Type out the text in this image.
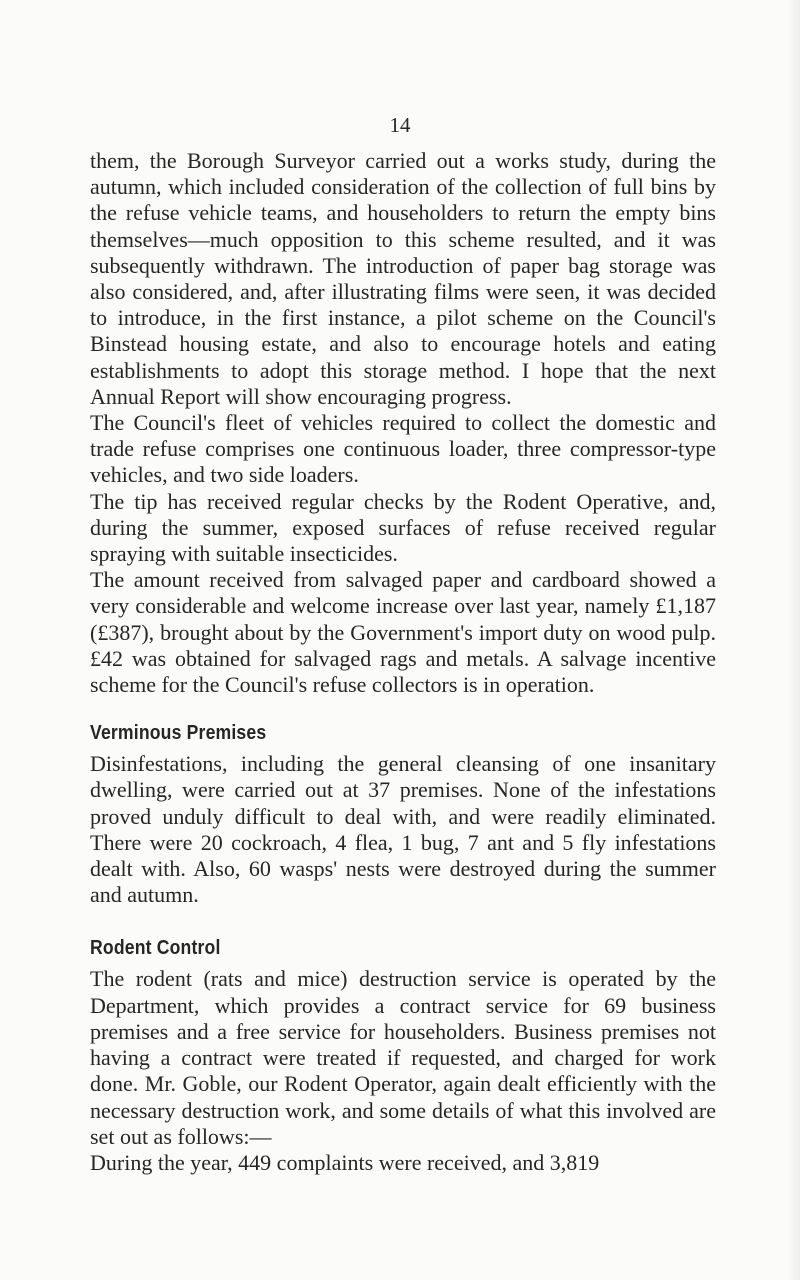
14

them, the Borough Surveyor carried out a works study, during the autumn, which included consideration of the collection of full bins by the refuse vehicle teams, and householders to return the empty bins themselves—much opposition to this scheme resulted, and it was subsequently withdrawn. The introduction of paper bag storage was also considered, and, after illustrating films were seen, it was decided to introduce, in the first instance, a pilot scheme on the Council's Binstead housing estate, and also to encourage hotels and eating establishments to adopt this storage method. I hope that the next Annual Report will show encouraging progress.

The Council's fleet of vehicles required to collect the domestic and trade refuse comprises one continuous loader, three compressor-type vehicles, and two side loaders.

The tip has received regular checks by the Rodent Operative, and, during the summer, exposed surfaces of refuse received regular spraying with suitable insecticides.

The amount received from salvaged paper and cardboard showed a very considerable and welcome increase over last year, namely £1,187 (£387), brought about by the Government's import duty on wood pulp. £42 was obtained for salvaged rags and metals. A salvage incentive scheme for the Council's refuse collectors is in operation.

Verminous Premises

Disinfestations, including the general cleansing of one insanitary dwelling, were carried out at 37 premises. None of the infestations proved unduly difficult to deal with, and were readily eliminated. There were 20 cockroach, 4 flea, 1 bug, 7 ant and 5 fly infestations dealt with. Also, 60 wasps' nests were destroyed during the summer and autumn.

Rodent Control

The rodent (rats and mice) destruction service is operated by the Department, which provides a contract service for 69 business premises and a free service for householders. Business premises not having a contract were treated if requested, and charged for work done. Mr. Goble, our Rodent Operator, again dealt efficiently with the necessary destruction work, and some details of what this involved are set out as follows:—

During the year, 449 complaints were received, and 3,819
